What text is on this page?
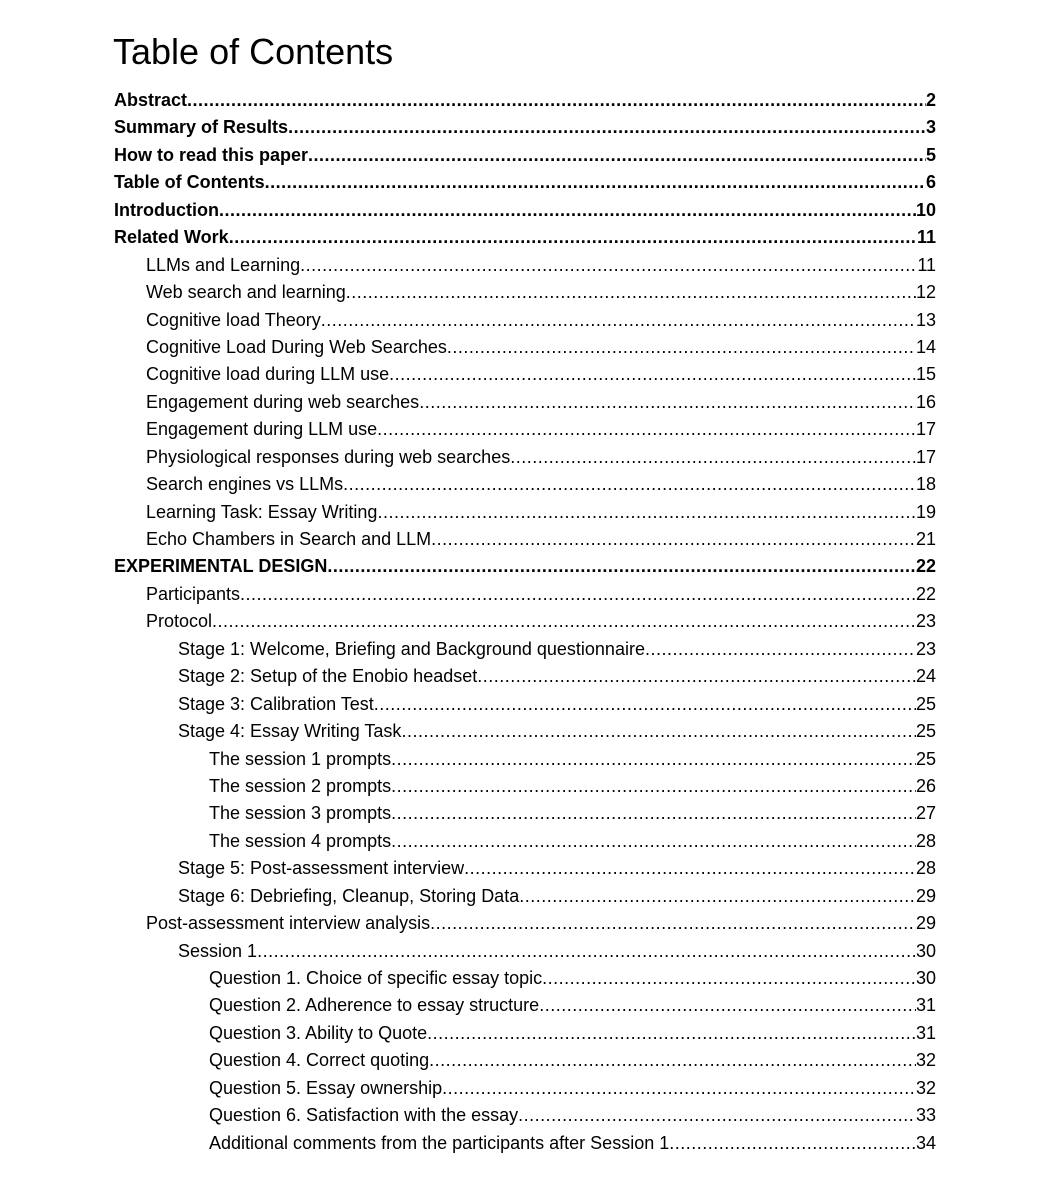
Table of Contents
Abstract .....	2
Summary of Results .....	3
How to read this paper .....	5
Table of Contents .....	6
Introduction .....	10
Related Work .....	11
LLMs and Learning .....	11
Web search and learning .....	12
Cognitive load Theory .....	13
Cognitive Load During Web Searches .....	14
Cognitive load during LLM use .....	15
Engagement during web searches .....	16
Engagement during LLM use .....	17
Physiological responses during web searches .....	17
Search engines vs LLMs .....	18
Learning Task: Essay Writing .....	19
Echo Chambers in Search and LLM .....	21
EXPERIMENTAL DESIGN .....	22
Participants .....	22
Protocol .....	23
Stage 1: Welcome, Briefing and Background questionnaire .....	23
Stage 2: Setup of the Enobio headset .....	24
Stage 3: Calibration Test .....	25
Stage 4: Essay Writing Task .....	25
The session 1 prompts .....	25
The session 2 prompts .....	26
The session 3 prompts .....	27
The session 4 prompts .....	28
Stage 5: Post-assessment interview .....	28
Stage 6: Debriefing, Cleanup, Storing Data .....	29
Post-assessment interview analysis .....	29
Session 1 .....	30
Question 1. Choice of specific essay topic .....	30
Question 2. Adherence to essay structure .....	31
Question 3. Ability to Quote .....	31
Question 4. Correct quoting .....	32
Question 5. Essay ownership .....	32
Question 6. Satisfaction with the essay .....	33
Additional comments from the participants after Session 1 .....	34
